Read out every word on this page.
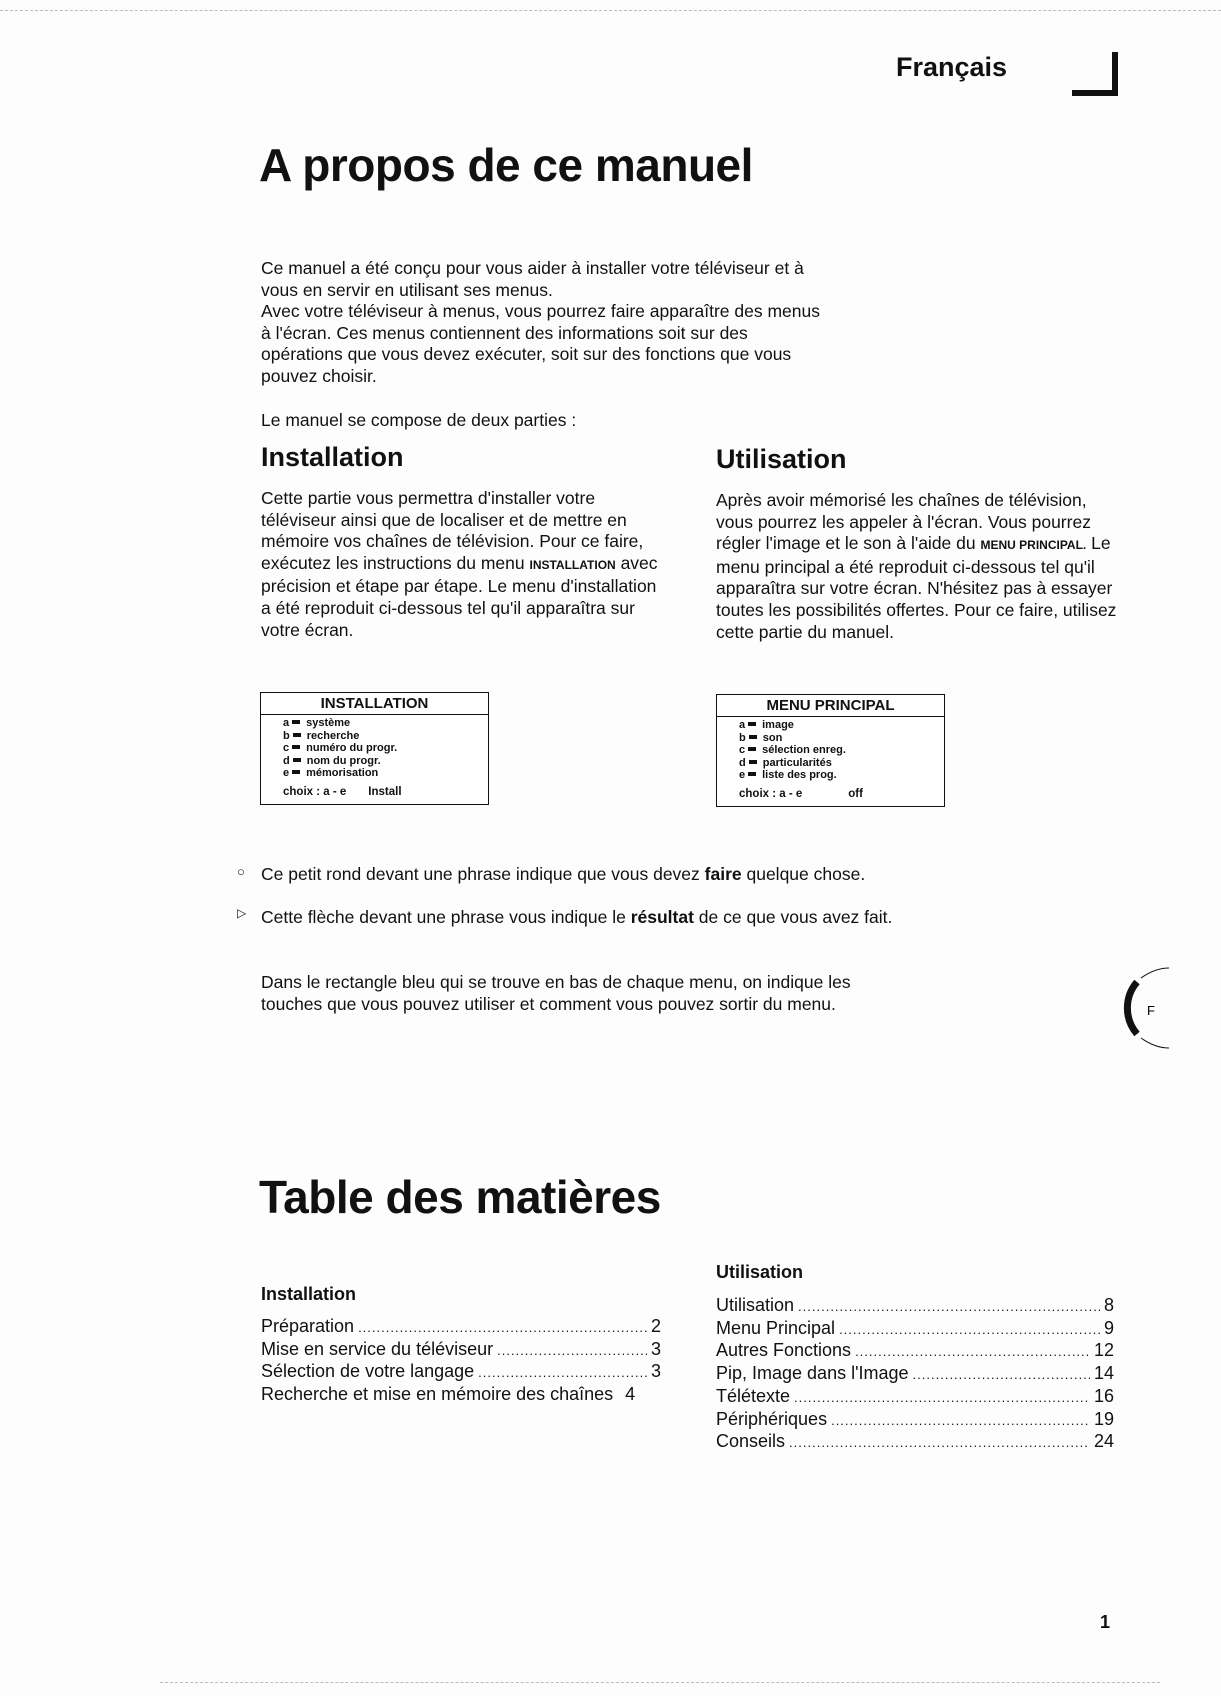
Français
A propos de ce manuel
Ce manuel a été conçu pour vous aider à installer votre téléviseur et à
vous en servir en utilisant ses menus.
Avec votre téléviseur à menus, vous pourrez faire apparaître des menus
à l'écran. Ces menus contiennent des informations soit sur des
opérations que vous devez exécuter, soit sur des fonctions que vous
pouvez choisir.
Le manuel se compose de deux parties :
Installation
Cette partie vous permettra d'installer votre téléviseur ainsi que de localiser et de mettre en mémoire vos chaînes de télévision. Pour ce faire, exécutez les instructions du menu INSTALLATION avec précision et étape par étape. Le menu d'installation a été reproduit ci-dessous tel qu'il apparaîtra sur votre écran.
Utilisation
Après avoir mémorisé les chaînes de télévision, vous pourrez les appeler à l'écran. Vous pourrez régler l'image et le son à l'aide du MENU PRINCIPAL. Le menu principal a été reproduit ci-dessous tel qu'il apparaîtra sur votre écran. N'hésitez pas à essayer toutes les possibilités offertes. Pour ce faire, utilisez cette partie du manuel.
INSTALLATION
a système
b recherche
c numéro du progr.
d nom du progr.
e mémorisation
choix : a - e Install
MENU PRINCIPAL
a image
b son
c sélection enreg.
d particularités
e liste des prog.
choix : a - e	off
○ Ce petit rond devant une phrase indique que vous devez faire quelque chose.
▷ Cette flèche devant une phrase vous indique le résultat de ce que vous avez fait.
Dans le rectangle bleu qui se trouve en bas de chaque menu, on indique les touches que vous pouvez utiliser et comment vous pouvez sortir du menu.	F
Table des matières
Installation
Préparation .....	2
Mise en service du téléviseur .....	3
Sélection de votre langage .....	3
Recherche et mise en mémoire des chaînes 4
Utilisation
Utilisation .....	8
Menu Principal .....	9
Autres Fonctions .....	12
Pip, Image dans l'Image .....	14
Télétexte .....	16
Périphériques .....	19
Conseils .....	24
1
